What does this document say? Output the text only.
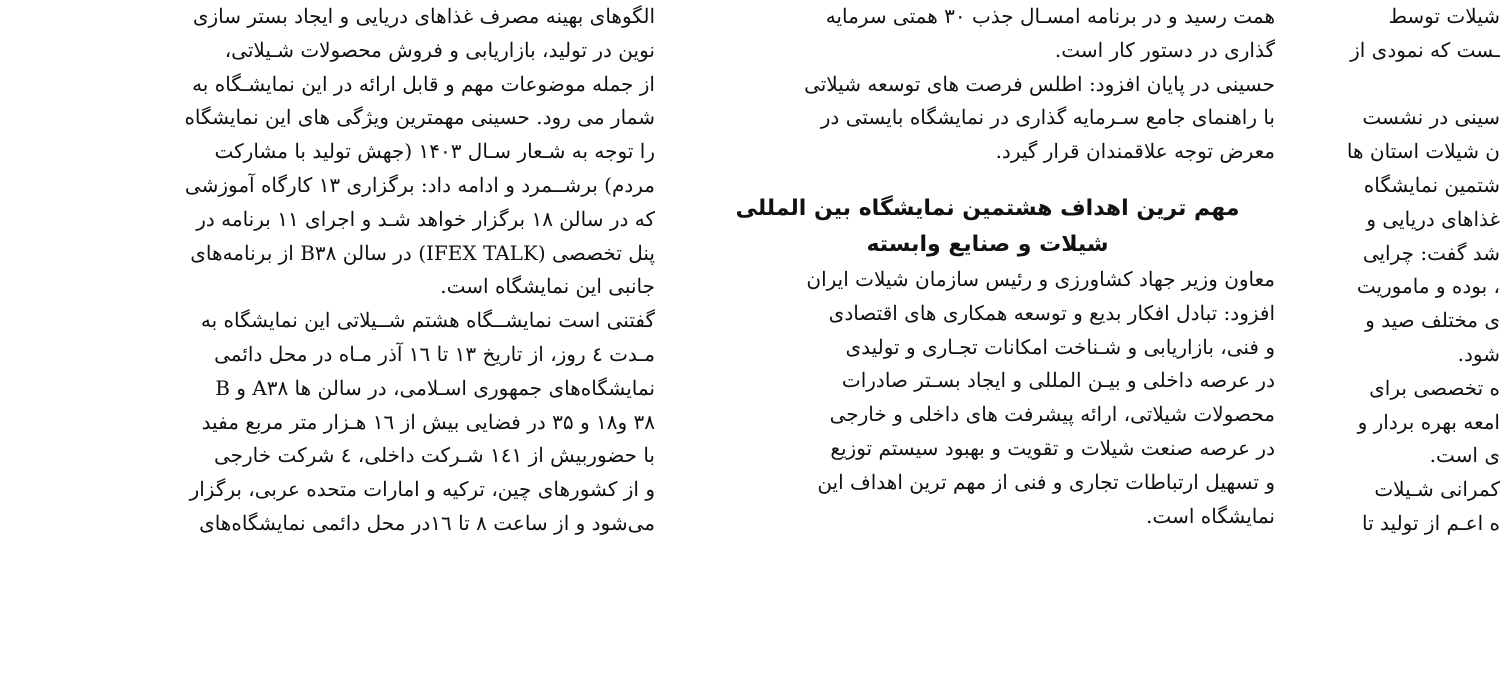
الگوهای بهینه مصرف غذاهای دریایی و ایجاد بستر سازی
نوین در تولید، بازاریابی و فروش محصولات شـیلاتی،
از جمله موضوعات مهم و قابل ارائه در این نمایشـگاه به
شمار می رود. حسینی مهمترین ویژگی های این نمایشگاه
را توجه به شـعار سـال ۱۴۰۳ (جهش تولید با مشارکت
مردم) برشــمرد و ادامه داد: برگزاری ۱۳ کارگاه آموزشی
که در سالن ۱۸ برگزار خواهد شـد و اجرای ۱۱ برنامه در
پنل تخصصی (IFEX TALK) در سالن B۳۸ از برنامه‌های
جانبی این نمایشگاه است.
گفتنی است نمایشــگاه هشتم شــیلاتی این نمایشگاه به
مـدت ٤ روز، از تاریخ ۱۳ تا ۱٦ آذر مـاه در محل دائمی
نمایشگاه‌های جمهوری اسـلامی، در سالن ها A۳۸ و B
۳۸ و۱۸ و ۳۵ در فضایی بیش از ۱٦ هـزار متر مربع مفید
با حضوربیش از ١٤١ شـرکت داخلی، ٤ شرکت خارجی
و از کشورهای چین، ترکیه و امارات متحده عربی، برگزار
می‌شود و از ساعت ۸ تا ۱٦در محل دائمی نمایشگاه‌های
همت رسید و در برنامه امسـال جذب ۳۰ همتی سرمایه
گذاری در دستور کار است.
حسینی در پایان افزود: اطلس فرصت های توسعه شیلاتی
با راهنمای جامع سـرمایه گذاری در نمایشگاه بایستی در
معرض توجه علاقمندان قرار گیرد.
مهم ترین اهداف هشتمین نمایشگاه بین المللی
شیلات و صنایع وابسته
معاون وزیر جهاد کشاورزی و رئیس سازمان شیلات ایران
افزود: تبادل افکار بدیع و توسعه همکاری های اقتصادی
و فنی، بازاریابی و شـناخت امکانات تجـاری و تولیدی
در عرصه داخلی و بیـن المللی و ایجاد بسـتر صادرات
محصولات شیلاتی، ارائه پیشرفت های داخلی و خارجی
در عرصه صنعت شیلات و تقویت و بهبود سیستم توزیع
و تسهیل ارتباطات تجاری و فنی از مهم ترین اهداف این
نمایشگاه است.
شیلات توسط
ـست که نمودی از
سینی در نشست
ن شیلات استان ها
شتمین نمایشگاه
غذاهای دریایی و
شد گفت: چرایی
، بوده و ماموریت
ی مختلف صید و
شود.
ه تخصصی برای
امعه بهره بردار و
ی است.
کمرانی شـیلات
ه اعـم از تولید تا
